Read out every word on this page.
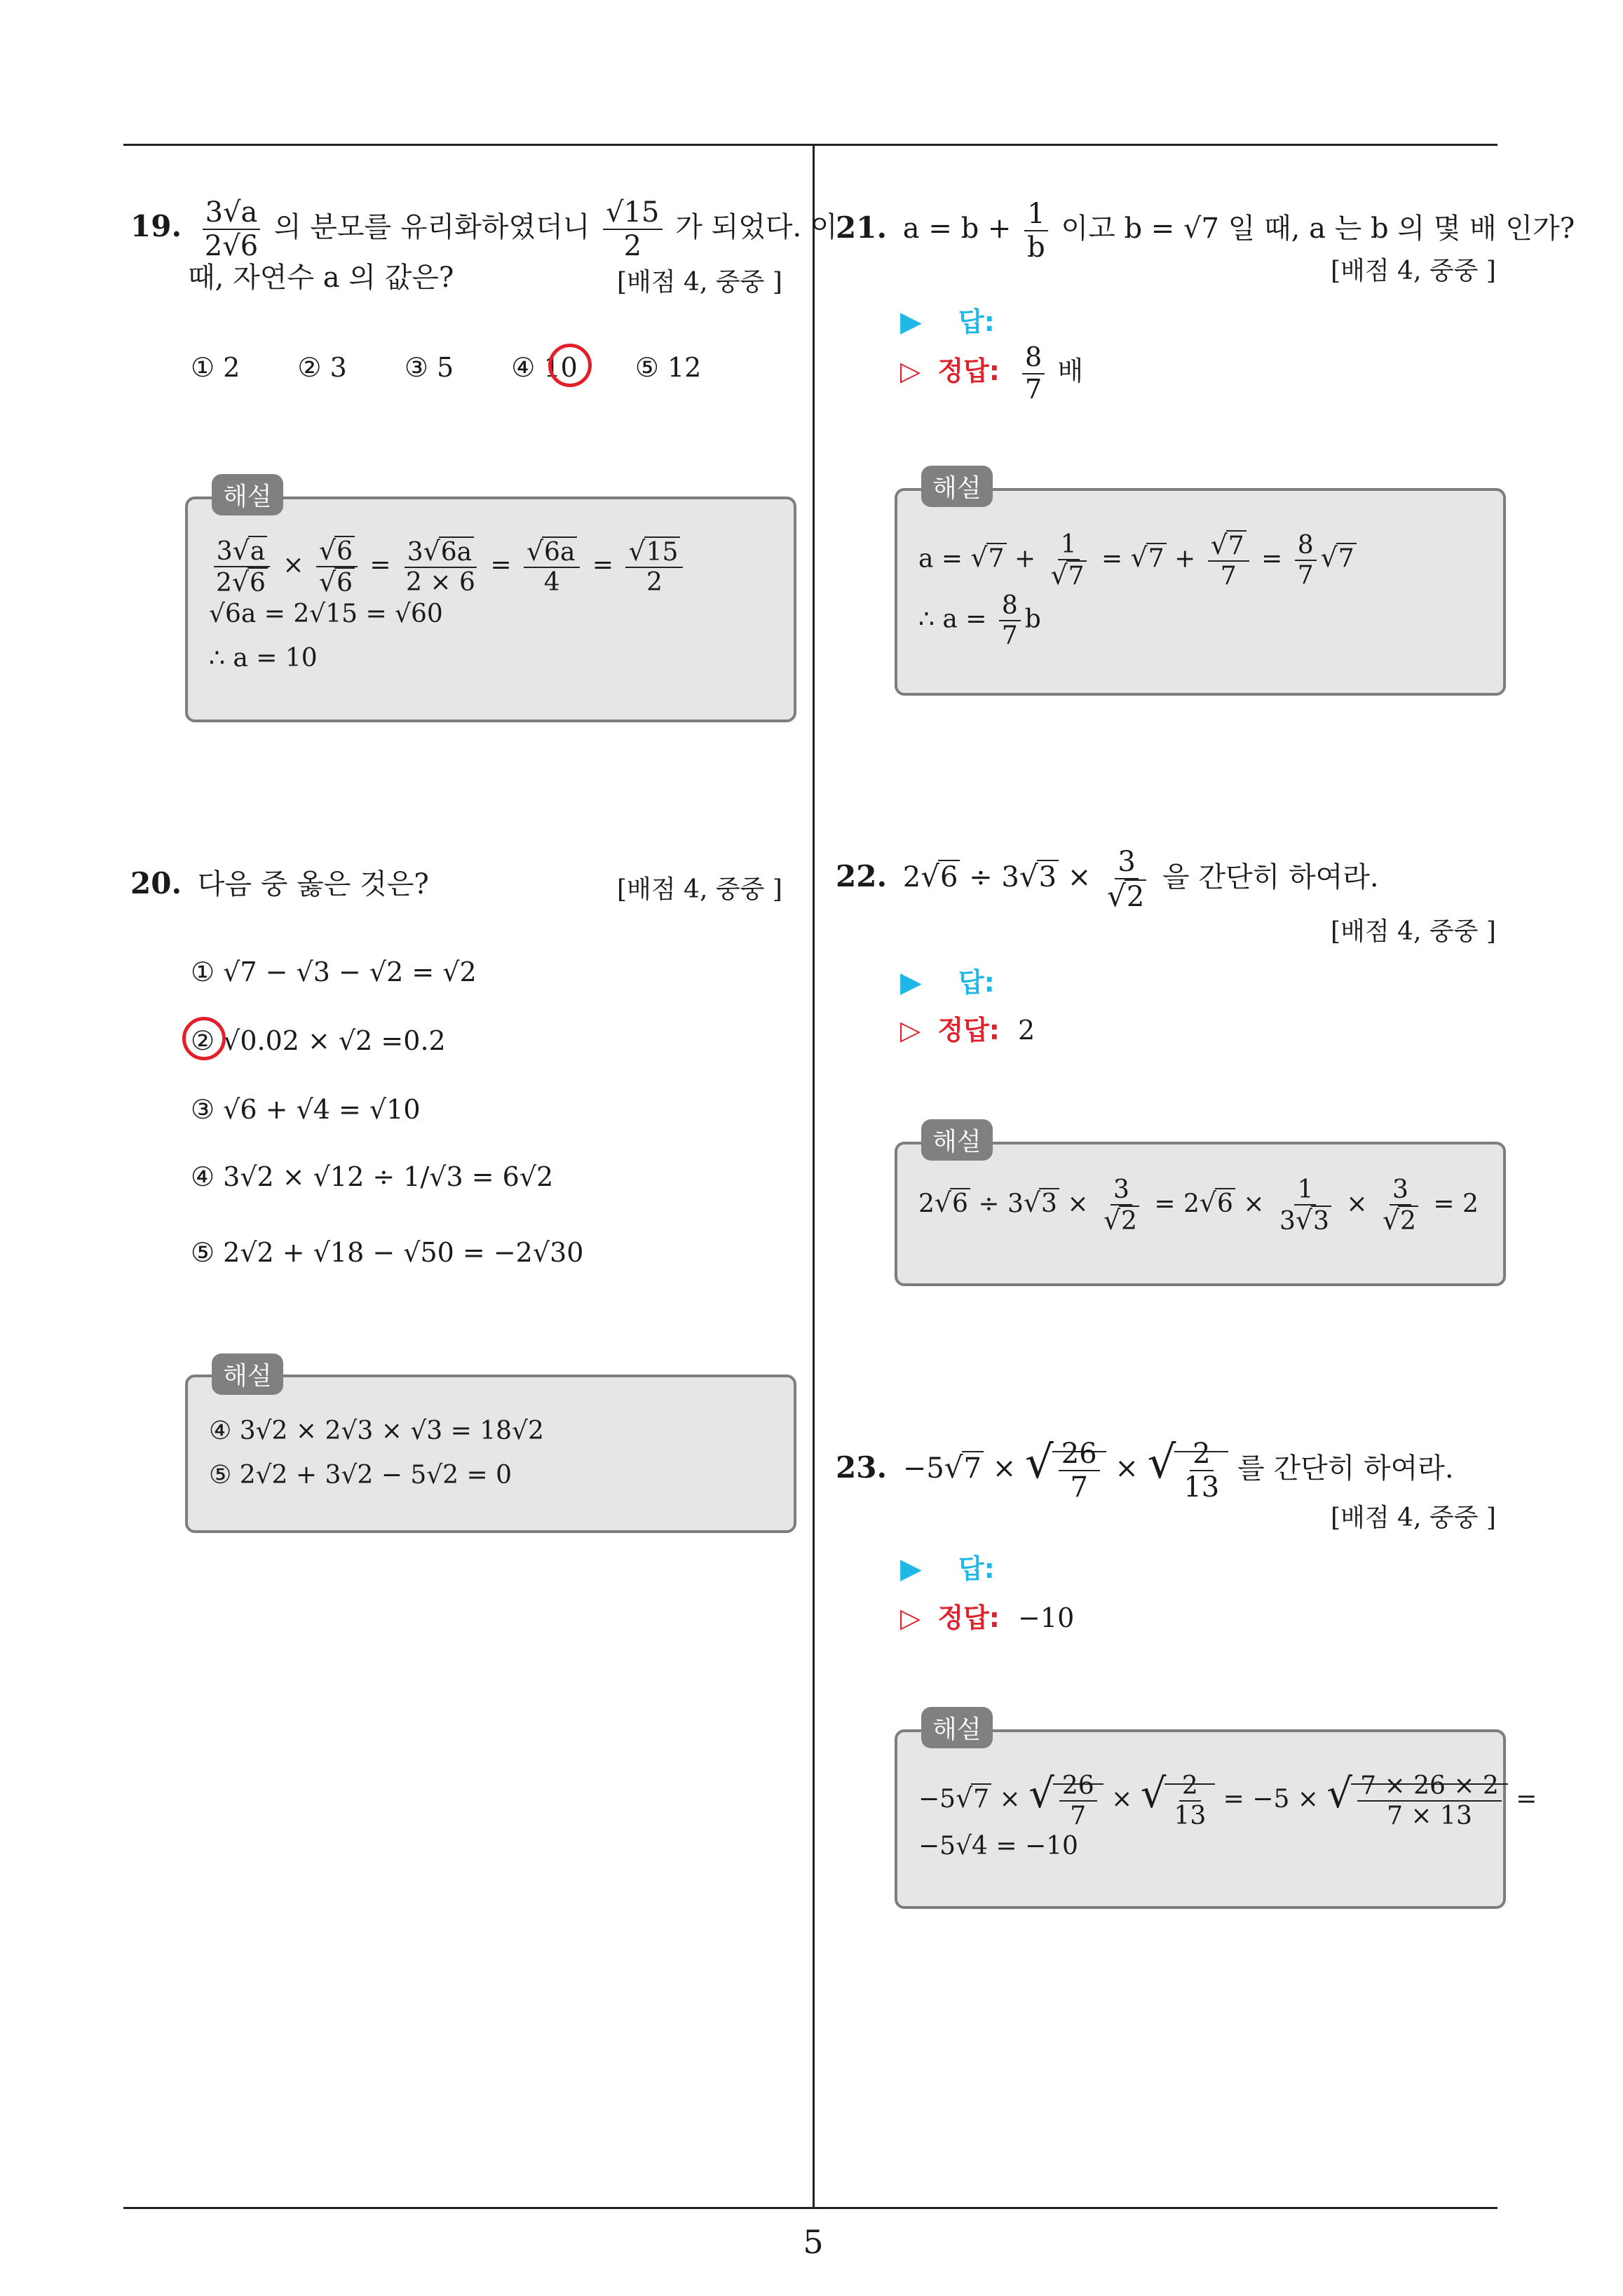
5
19. $\frac{3√a}{2√6}$ 의 분모를 유리화하였더니 $\frac{√15}{2}$ 가 되었다. 이
때, 자연수 a 의 값은?	[배점 4, 중중 ]
① 2 ② 3 ③ 5 ④ 10 ⑤ 12
해설
$\frac{3√a}{2√6} \times \frac{√6}{√6} = \frac{3√6a}{2 \times 6} = \frac{√6a}{4} = \frac{√15}{2}$
√6a = 2√15 = √60
∴ a = 10
20. 다음 중 옳은 것은?	[배점 4, 중중 ]
① √7 − √3 − √2 = √2
② √0.02 × √2 =0.2
③ √6 + √4 = √10
④ 3√2 × √12 ÷ 1/√3 = 6√2
⑤ 2√2 + √18 − √50 = −2√30
해설
④ 3√2 × 2√3 × √3 = 18√2
⑤ 2√2 + 3√2 − 5√2 = 0
21. $a = b + \frac{1}{b}$ 이고 b = √7 일 때, a 는 b 의 몇 배 인가?
[배점 4, 중중 ]
▶ 답:
▷ 정답: $\frac{8}{7}$ 배
해설
$a = √7 + \frac{1}{√7} = √7 + \frac{√7}{7} = \frac{8}{7} √7$
∴ $a = \frac{8}{7}$ b
22. $2√6 \div 3√3 \times \frac{3}{√2}$ 을 간단히 하여라.
[배점 4, 중중 ]
▶ 답:
▷ 정답: 2
해설
$2√6 \div 3√3 \times \frac{3}{√2} = 2√6 \times \frac{1}{3√3} \times \frac{3}{√2} = 2$
23. −5√7 × √ $\frac{26}{7}$ × √ $\frac{2}{13}$ 를 간단히 하여라.
[배점 4, 중중 ]
▶ 답:
▷ 정답: −10
해설
−5√7 × √ $\frac{26}{7}$ × √ $\frac{2}{13} = -5$ × √ $\frac{7 \times 26 \times 2}{7 \times 13}$ =
−5√4 = −10
